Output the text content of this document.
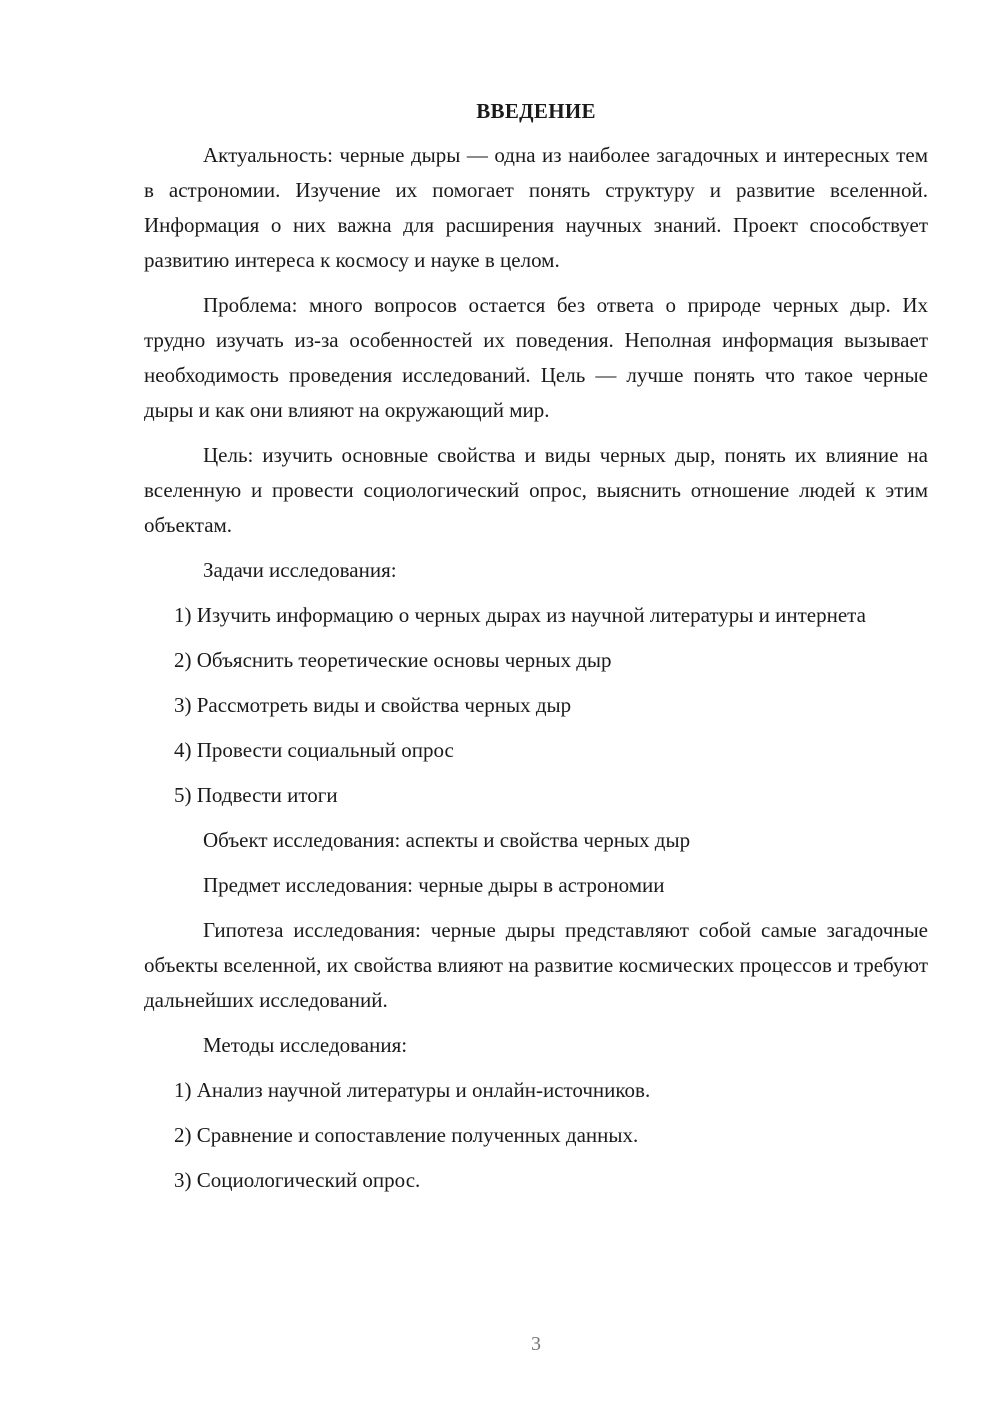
ВВЕДЕНИЕ

Актуальность: черные дыры — одна из наиболее загадочных и интересных тем в астрономии. Изучение их помогает понять структуру и развитие вселенной. Информация о них важна для расширения научных знаний. Проект способствует развитию интереса к космосу и науке в целом.

Проблема: много вопросов остается без ответа о природе черных дыр. Их трудно изучать из-за особенностей их поведения. Неполная информация вызывает необходимость проведения исследований. Цель — лучше понять что такое черные дыры и как они влияют на окружающий мир.

Цель: изучить основные свойства и виды черных дыр, понять их влияние на вселенную и провести социологический опрос, выяснить отношение людей к этим объектам.

Задачи исследования:

1) Изучить информацию о черных дырах из научной литературы и интернета

2) Объяснить теоретические основы черных дыр

3) Рассмотреть виды и свойства черных дыр

4) Провести социальный опрос

5) Подвести итоги

Объект исследования: аспекты и свойства черных дыр

Предмет исследования: черные дыры в астрономии

Гипотеза исследования: черные дыры представляют собой самые загадочные объекты вселенной, их свойства влияют на развитие космических процессов и требуют дальнейших исследований.

Методы исследования:

1) Анализ научной литературы и онлайн-источников.

2) Сравнение и сопоставление полученных данных.

3) Социологический опрос.

3
